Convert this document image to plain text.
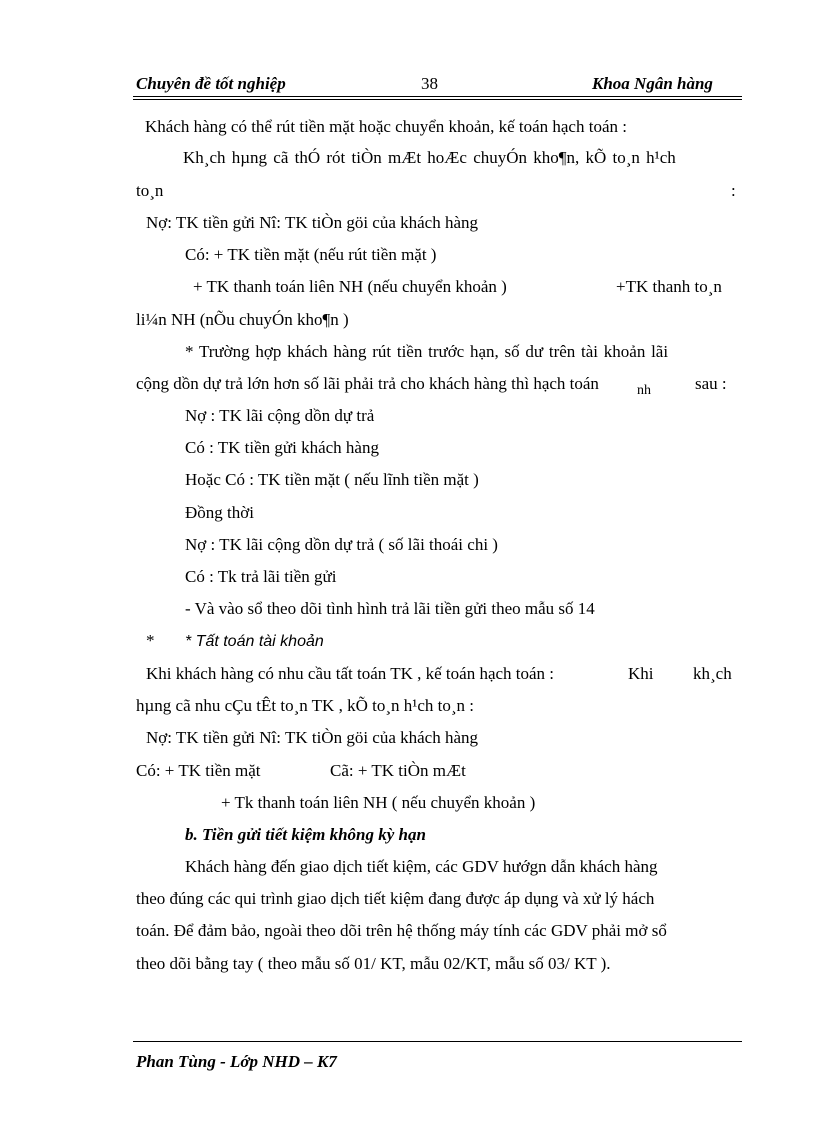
Chuyên đề tốt nghiệp	38	Khoa Ngân hàng
Khách hàng có thể rút tiền mặt hoặc chuyển khoản, kế toán hạch toán :
Kh¸ch hµng cã thÓ rót tiÒn mÆt hoÆc chuyÓn kho¶n, kÕ to¸n h¹ch
to¸n	:
Nợ: TK tiền gửi Nî: TK tiÒn göi của khách hàng
Có: + TK tiền mặt (nếu rút tiền mặt )
+ TK thanh toán liên NH (nếu chuyển khoản )	+TK thanh to¸n
li¼n NH (nÕu chuyÓn kho¶n )
* Trường hợp khách hàng rút tiền trước hạn, số dư trên tài khoản lãi
cộng dồn dự trả lớn hơn số lãi phải trả cho khách hàng thì hạch toán	$_{nh}$	sau :
Nợ : TK lãi cộng dồn dự trả
Có : TK tiền gửi khách hàng
Hoặc Có : TK tiền mặt ( nếu lĩnh tiền mặt )
Đồng thời
Nợ : TK lãi cộng dồn dự trả ( số lãi thoái chi )
Có : Tk trả lãi tiền gửi
- Và vào sổ theo dõi tình hình trả lãi tiền gửi theo mẫu số 14
* * Tất toán tài khoản
Khi khách hàng có nhu cầu tất toán TK , kế toán hạch toán :	Khi kh¸ch
hµng cã nhu cÇu tÊt to¸n TK , kÕ to¸n h¹ch to¸n :
Nợ: TK tiền gửi Nî: TK tiÒn göi của khách hàng
Có: + TK tiền mặt	Cã: + TK tiÒn mÆt
+ Tk thanh toán liên NH ( nếu chuyển khoản )
b. Tiền gửi tiết kiệm không kỳ hạn
Khách hàng đến giao dịch tiết kiệm, các GDV hướgn dẫn khách hàng
theo đúng các qui trình giao dịch tiết kiệm đang được áp dụng và xử lý hách
toán. Để đảm bảo, ngoài theo dõi trên hệ thống máy tính các GDV phải mở sổ
theo dõi bằng tay ( theo mẫu số 01/ KT, mẫu 02/KT, mẫu số 03/ KT ).
Phan Tùng - Lớp NHD – K7
